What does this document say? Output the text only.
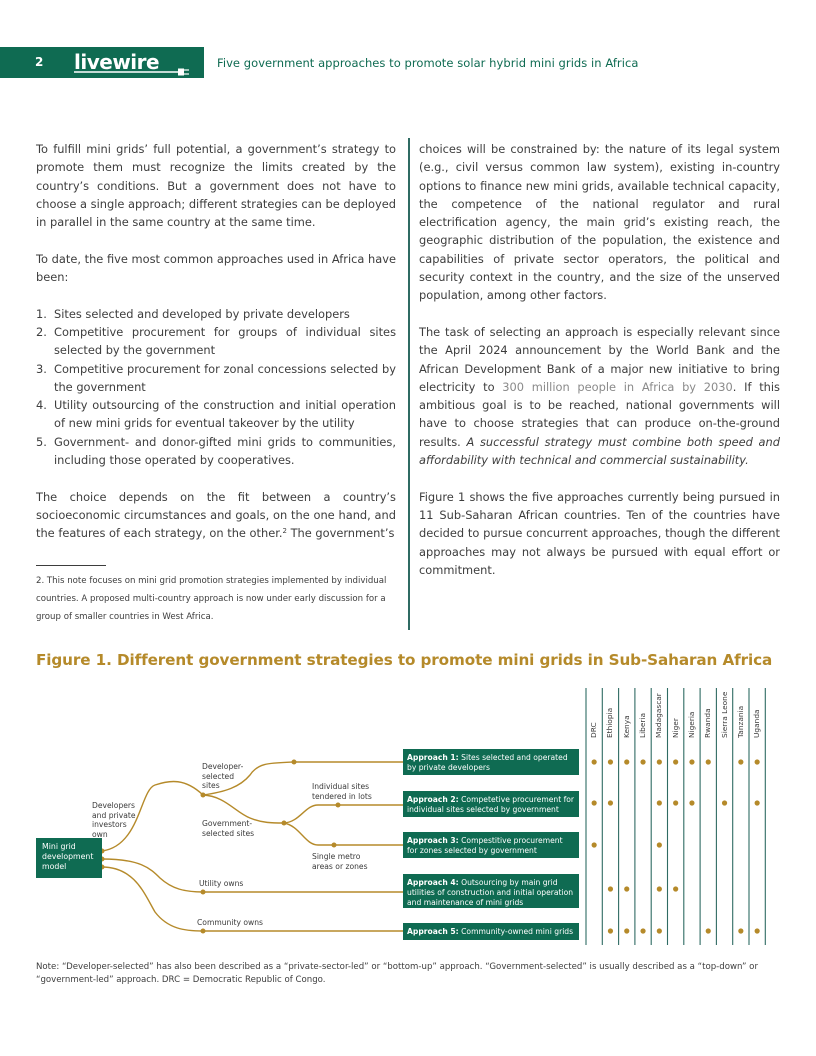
2 livewire	Five government approaches to promote solar hybrid mini grids in Africa

To fulfill mini grids’ full potential, a government’s strategy to promote them must recognize the limits created by the country’s conditions. But a government does not have to choose a single approach; different strategies can be deployed in parallel in the same country at the same time.

To date, the five most common approaches used in Africa have been:

1. Sites selected and developed by private developers
2. Competitive procurement for groups of individual sites selected by the government
3. Competitive procurement for zonal concessions selected by the government
4. Utility outsourcing of the construction and initial operation of new mini grids for eventual takeover by the utility
5. Government- and donor-gifted mini grids to communities, including those operated by cooperatives.

The choice depends on the fit between a country’s socioeconomic circumstances and goals, on the one hand, and the features of each strategy, on the other.$^2$ The government’s

2. This note focuses on mini grid promotion strategies implemented by individual countries. A proposed multi-country approach is now under early discussion for a group of smaller countries in West Africa.

choices will be constrained by: the nature of its legal system (e.g., civil versus common law system), existing in-country options to finance new mini grids, available technical capacity, the competence of the national regulator and rural electrification agency, the main grid’s existing reach, the geographic distribution of the population, the existence and capabilities of private sector operators, the political and security context in the country, and the size of the unserved population, among other factors.

The task of selecting an approach is especially relevant since the April 2024 announcement by the World Bank and the African Development Bank of a major new initiative to bring electricity to 300 million people in Africa by 2030. If this ambitious goal is to be reached, national governments will have to choose strategies that can produce on-the-ground results. A successful strategy must combine both speed and affordability with technical and commercial sustainability.

Figure 1 shows the five approaches currently being pursued in 11 Sub-Saharan African countries. Ten of the countries have decided to pursue concurrent approaches, though the different approaches may not always be pursued with equal effort or commitment.

Figure 1. Different government strategies to promote mini grids in Sub-Saharan Africa
Mini grid development model
Developer- selected sites
Developers and private investors own
Government- selected sites
Individual sites tendered in lots
Single metro areas or zones
Utility owns
Community owns
Approach 1: Sites selected and operated by private developers
Approach 2: Competetive procurement for individual sites selected by government
Approach 3: Compestitive procurement for zones selected by government
Approach 4: Outsourcing by main grid utilities of construction and initial operation and maintenance of mini grids
Approach 5: Community-owned mini grids
DRC Ethiopia Kenya Liberia Madagascar Niger Nigeria Rwanda Sierra Leone Tanzania Uganda
Note: “Developer-selected” has also been described as a “private-sector-led” or “bottom-up” approach. “Government-selected” is usually described as a “top-down” or “government-led” approach. DRC = Democratic Republic of Congo.
